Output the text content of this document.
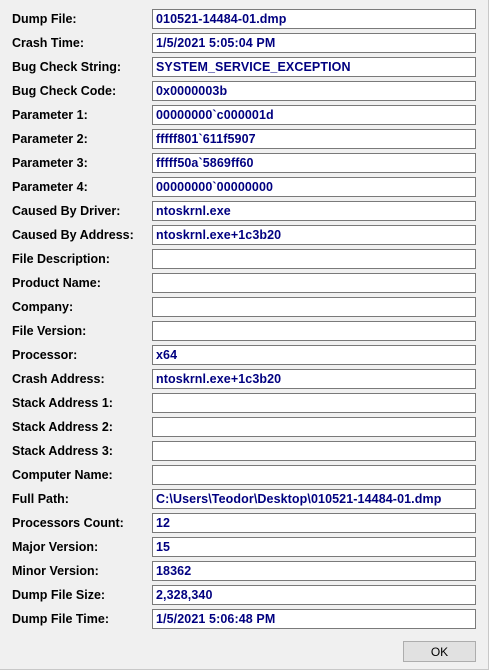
Dump File:	010521-14484-01.dmp
Crash Time:	1/5/2021 5:05:04 PM
Bug Check String:	SYSTEM_SERVICE_EXCEPTION
Bug Check Code:	0x0000003b
Parameter 1:	00000000`c000001d
Parameter 2:	fffff801`611f5907
Parameter 3:	fffff50a`5869ff60
Parameter 4:	00000000`00000000
Caused By Driver:	ntoskrnl.exe
Caused By Address:	ntoskrnl.exe+1c3b20
File Description:
Product Name:
Company:
File Version:
Processor:	x64
Crash Address:	ntoskrnl.exe+1c3b20
Stack Address 1:
Stack Address 2:
Stack Address 3:
Computer Name:
Full Path:	C:\Users\Teodor\Desktop\010521-14484-01.dmp
Processors Count:	12
Major Version:	15
Minor Version:	18362
Dump File Size:	2,328,340
Dump File Time:	1/5/2021 5:06:48 PM
OK
